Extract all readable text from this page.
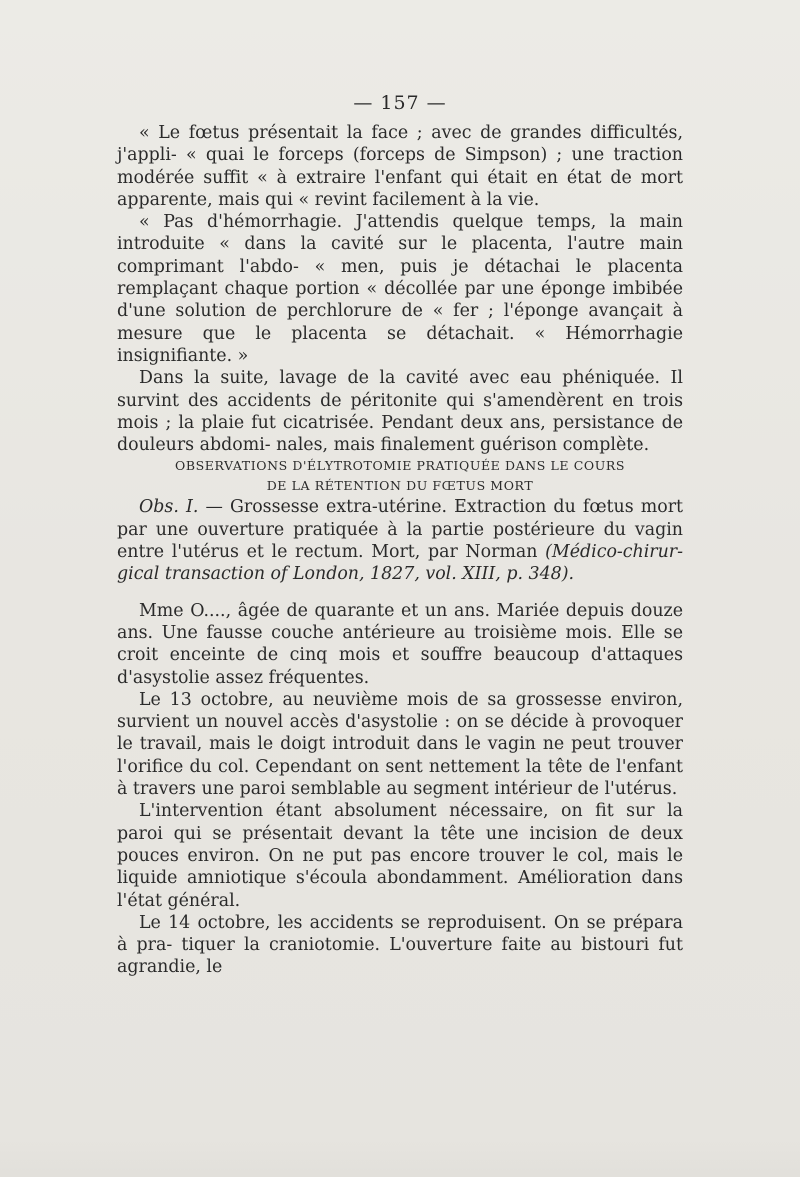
— 157 —

« Le fœtus présentait la face ; avec de grandes difficultés, j'appli- « quai le forceps (forceps de Simpson) ; une traction modérée suffit « à extraire l'enfant qui était en état de mort apparente, mais qui « revint facilement à la vie.

« Pas d'hémorrhagie. J'attendis quelque temps, la main introduite « dans la cavité sur le placenta, l'autre main comprimant l'abdo- « men, puis je détachai le placenta remplaçant chaque portion « décollée par une éponge imbibée d'une solution de perchlorure de « fer ; l'éponge avançait à mesure que le placenta se détachait. « Hémorrhagie insignifiante. »

Dans la suite, lavage de la cavité avec eau phéniquée. Il survint des accidents de péritonite qui s'amendèrent en trois mois ; la plaie fut cicatrisée. Pendant deux ans, persistance de douleurs abdomi- nales, mais finalement guérison complète.

OBSERVATIONS D'ÉLYTROTOMIE PRATIQUÉE DANS LE COURS

DE LA RÉTENTION DU FŒTUS MORT

Obs. I. — Grossesse extra-utérine. Extraction du fœtus mort par une ouverture pratiquée à la partie postérieure du vagin entre l'utérus et le rectum. Mort, par Norman (Médico-chirur- gical transaction of London, 1827, vol. XIII, p. 348).

Mme O...., âgée de quarante et un ans. Mariée depuis douze ans. Une fausse couche antérieure au troisième mois. Elle se croit enceinte de cinq mois et souffre beaucoup d'attaques d'asystolie assez fréquentes.

Le 13 octobre, au neuvième mois de sa grossesse environ, survient un nouvel accès d'asystolie : on se décide à provoquer le travail, mais le doigt introduit dans le vagin ne peut trouver l'orifice du col. Cependant on sent nettement la tête de l'enfant à travers une paroi semblable au segment intérieur de l'utérus.

L'intervention étant absolument nécessaire, on fit sur la paroi qui se présentait devant la tête une incision de deux pouces environ. On ne put pas encore trouver le col, mais le liquide amniotique s'écoula abondamment. Amélioration dans l'état général.

Le 14 octobre, les accidents se reproduisent. On se prépara à pra- tiquer la craniotomie. L'ouverture faite au bistouri fut agrandie, le
